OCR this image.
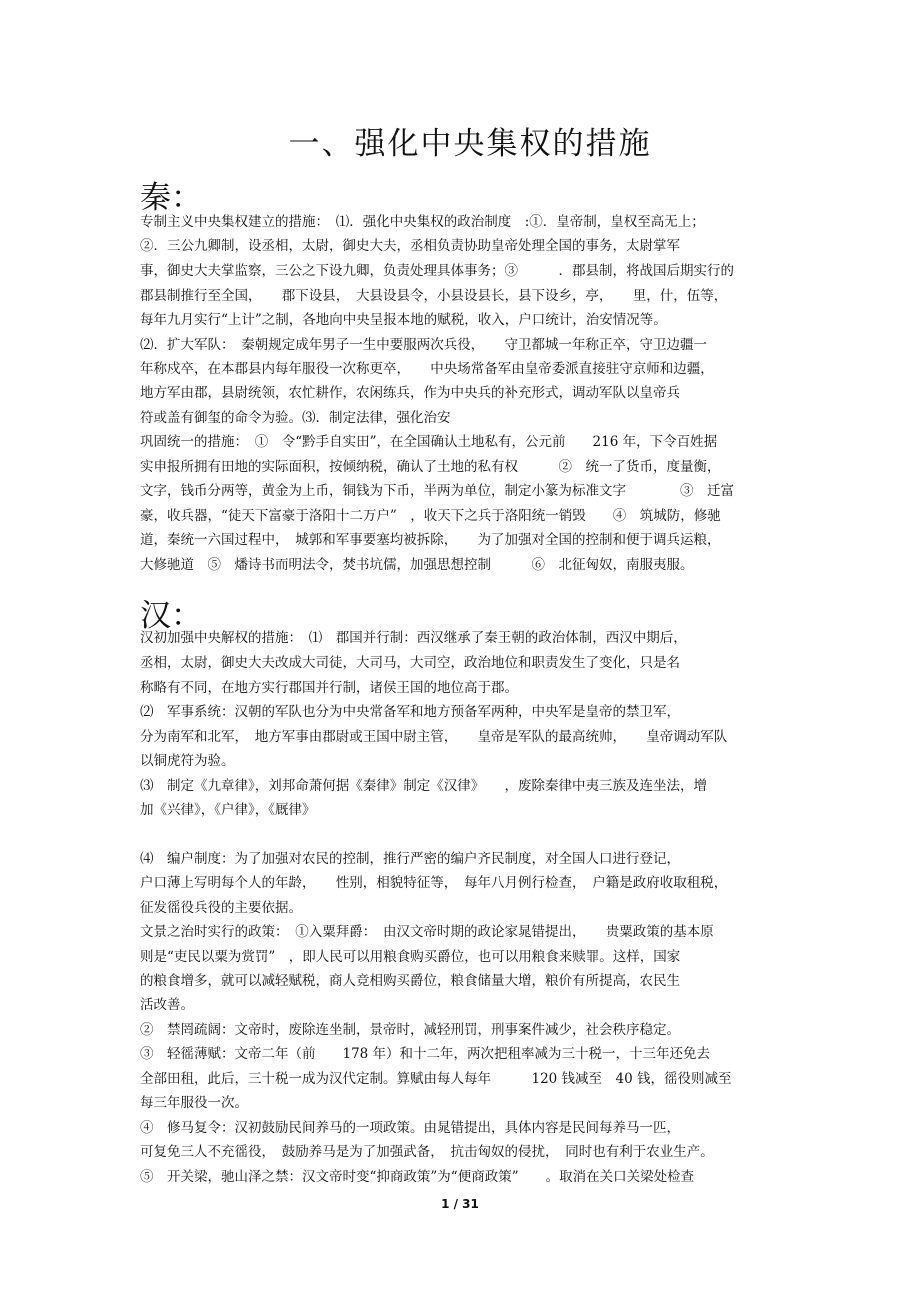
一、强化中央集权的措施
秦：
专制主义中央集权建立的措施：　⑴．强化中央集权的政治制度　:①．皇帝制，皇权至高无上；
②．三公九卿制，设丞相，太尉，御史大夫，丞相负责协助皇帝处理全国的事务，太尉掌军
事，御史大夫掌监察，三公之下设九卿，负责处理具体事务；③　　　．郡县制，将战国后期实行的
郡县制推行至全国，　　郡下设县，　大县设县令，小县设县长，县下设乡，亭，　　里，什，伍等，
每年九月实行“上计”之制，各地向中央呈报本地的赋税，收入，户口统计，治安情况等。
⑵．扩大军队：　秦朝规定成年男子一生中要服两次兵役，　　守卫都城一年称正卒，守卫边疆一
年称戍卒，在本郡县内每年服役一次称更卒，　　中央场常备军由皇帝委派直接驻守京师和边疆，
地方军由郡，县尉统领，农忙耕作，农闲练兵，作为中央兵的补充形式，调动军队以皇帝兵
符或盖有御玺的命令为验。⑶．制定法律，强化治安
巩固统一的措施：　①　令“黔手自实田”，在全国确认土地私有，公元前　　216 年，下令百姓据
实申报所拥有田地的实际面积，按倾纳税，确认了土地的私有权　　　②　统一了货币，度量衡，
文字，钱币分两等，黄金为上币，铜钱为下币，半两为单位，制定小篆为标准文字　　　　③　迁富
豪，收兵器，“徒天下富豪于洛阳十二万户”　，收天下之兵于洛阳统一销毁　　④　筑城防，修驰
道，秦统一六国过程中，　城郭和军事要塞均被拆除，　　为了加强对全国的控制和便于调兵运粮，
大修驰道　⑤　燔诗书而明法令，焚书坑儒，加强思想控制　　　⑥　北征匈奴，南服夷服。
汉：
汉初加强中央解权的措施：　⑴　郡国并行制：西汉继承了秦王朝的政治体制，西汉中期后，
丞相，太尉，御史大夫改成大司徒，大司马，大司空，政治地位和职责发生了变化，只是名
称略有不同，在地方实行郡国并行制，诸侯王国的地位高于郡。
⑵　军事系统：汉朝的军队也分为中央常备军和地方预备军两种，中央军是皇帝的禁卫军，
分为南军和北军，　地方军事由郡尉或王国中尉主管，　　皇帝是军队的最高统帅，　　皇帝调动军队
以铜虎符为验。
⑶　制定《九章律》，刘邦命萧何据《秦律》制定《汉律》　　，废除秦律中夷三族及连坐法，增
加《兴律》，《户律》，《厩律》
⑷　编户制度：为了加强对农民的控制，推行严密的编户齐民制度，对全国人口进行登记，
户口薄上写明每个人的年龄，　　性别，相貌特征等，　每年八月例行检查，　户籍是政府收取租税，
征发徭役兵役的主要依据。
文景之治时实行的政策：　①入粟拜爵：　由汉文帝时期的政论家晁错提出，　　贵粟政策的基本原
则是“吏民以粟为赏罚”　，即人民可以用粮食购买爵位，也可以用粮食来赎罪。这样，国家
的粮食增多，就可以减轻赋税，商人竞相购买爵位，粮食储量大增，粮价有所提高，农民生
活改善。
②　禁罔疏阔：文帝时，废除连坐制，景帝时，减轻刑罚，刑事案件减少，社会秩序稳定。
③　轻徭薄赋：文帝二年（前　　178 年）和十二年，两次把租率减为三十税一，十三年还免去
全部田租，此后，三十税一成为汉代定制。算赋由每人每年　　　120 钱减至　40 钱，徭役则减至
每三年服役一次。
④　修马复令：汉初鼓励民间养马的一项政策。由晁错提出，具体内容是民间每养马一匹，
可复免三人不充徭役，　鼓励养马是为了加强武备，　抗击匈奴的侵扰，　同时也有利于农业生产。
⑤　开关梁，驰山泽之禁：汉文帝时变“抑商政策”为“便商政策”　　。取消在关口关梁处检查
1 / 31
